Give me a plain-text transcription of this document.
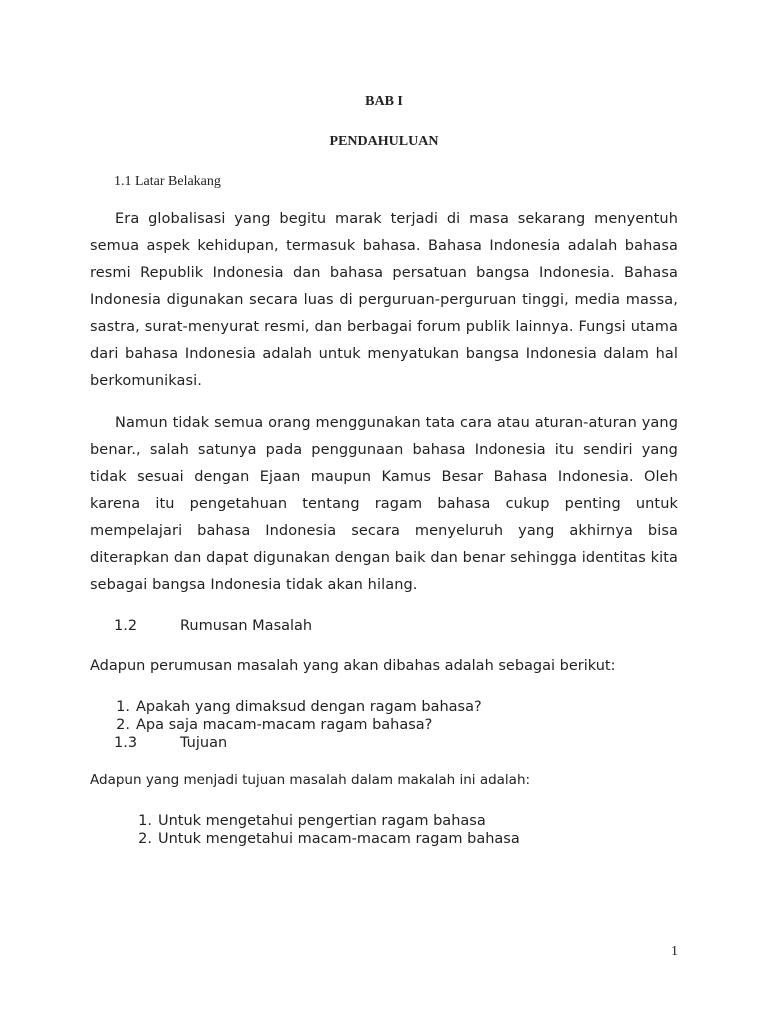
BAB I

PENDAHULUAN

1.1 Latar Belakang

Era globalisasi yang begitu marak terjadi di masa sekarang menyentuh semua aspek kehidupan, termasuk bahasa. Bahasa Indonesia adalah bahasa resmi Republik Indonesia dan bahasa persatuan bangsa Indonesia. Bahasa Indonesia digunakan secara luas di perguruan-perguruan tinggi, media massa, sastra, surat-menyurat resmi, dan berbagai forum publik lainnya. Fungsi utama dari bahasa Indonesia adalah untuk menyatukan bangsa Indonesia dalam hal berkomunikasi.

Namun tidak semua orang menggunakan tata cara atau aturan-aturan yang benar., salah satunya pada penggunaan bahasa Indonesia itu sendiri yang tidak sesuai dengan Ejaan maupun Kamus Besar Bahasa Indonesia. Oleh karena itu pengetahuan tentang ragam bahasa cukup penting untuk mempelajari bahasa Indonesia secara menyeluruh yang akhirnya bisa diterapkan dan dapat digunakan dengan baik dan benar sehingga identitas kita sebagai bangsa Indonesia tidak akan hilang.

1.2	Rumusan Masalah

Adapun perumusan masalah yang akan dibahas adalah sebagai berikut:

1. Apakah yang dimaksud dengan ragam bahasa?
2. Apa saja macam-macam ragam bahasa?
1.3	Tujuan

Adapun yang menjadi tujuan masalah dalam makalah ini adalah:

1. Untuk mengetahui pengertian ragam bahasa
2. Untuk mengetahui macam-macam ragam bahasa

1
